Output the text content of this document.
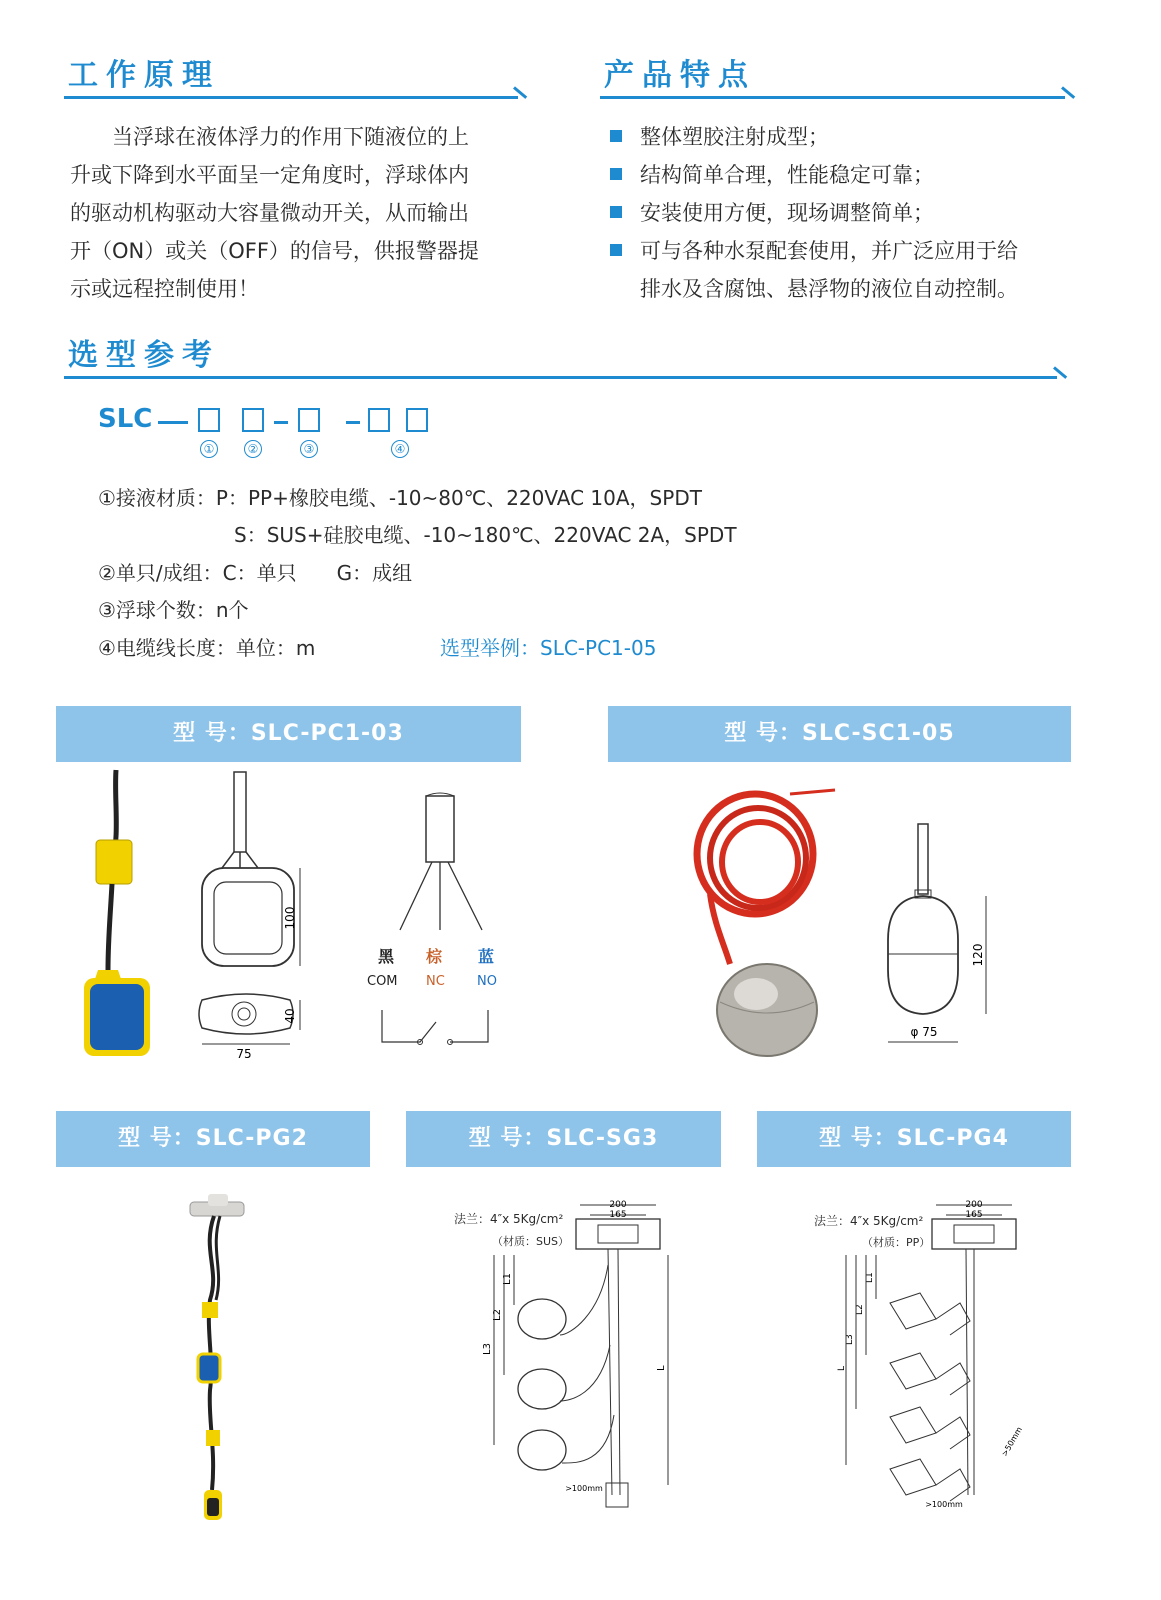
工作原理
　　当浮球在液体浮力的作用下随液位的上
升或下降到水平面呈一定角度时，浮球体内
的驱动机构驱动大容量微动开关，从而输出
开（ON）或关（OFF）的信号，供报警器提
示或远程控制使用！
产品特点
整体塑胶注射成型；
结构简单合理，性能稳定可靠；
安装使用方便，现场调整简单；
可与各种水泵配套使用，并广泛应用于给
排水及含腐蚀、悬浮物的液位自动控制。
选型参考
SLC
①	②	③	④
①接液材质：P：PP+橡胶电缆、-10~80℃、220VAC 10A，SPDT
S：SUS+硅胶电缆、-10~180℃、220VAC 2A，SPDT
②单只/成组：C：单只　　G：成组
③浮球个数：n个
④电缆线长度：单位：m	选型举例：SLC-PC1-05
型 号：SLC-PC1-03	型 号：SLC-SC1-05
型 号：SLC-PG2	型 号：SLC-SG3	型 号：SLC-PG4
100
40
75
黑 棕 蓝
COM NC NO
120
φ 75
法兰：4″x 5Kg/cm²
（材质：SUS）
200
165
L1
L2
L3
L
>100mm
法兰：4″x 5Kg/cm²
（材质：PP）
200
165
L1
L2
L3
L
>100mm
>50mm
